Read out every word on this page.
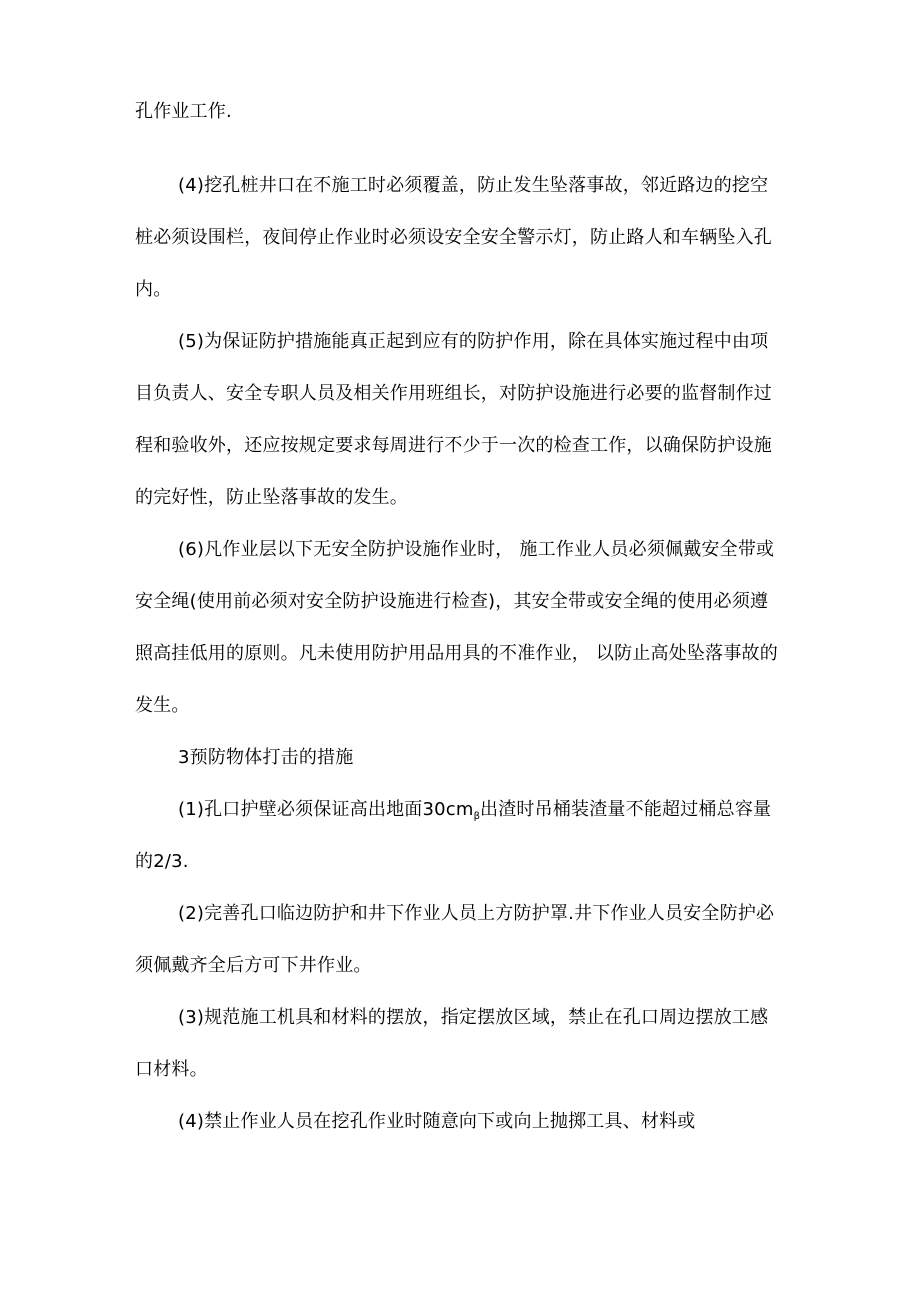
孔作业工作.
(4)挖孔桩井口在不施工时必须覆盖，防止发生坠落事故，邻近路边的挖空
桩必须设围栏，夜间停止作业时必须设安全安全警示灯，防止路人和车辆坠入孔
内。
(5)为保证防护措施能真正起到应有的防护作用，除在具体实施过程中由项
目负责人、安全专职人员及相关作用班组长，对防护设施进行必要的监督制作过
程和验收外，还应按规定要求每周进行不少于一次的检查工作，以确保防护设施
的完好性，防止坠落事故的发生。
(6)凡作业层以下无安全防护设施作业时， 施工作业人员必须佩戴安全带或
安全绳(使用前必须对安全防护设施进行检查)，其安全带或安全绳的使用必须遵
照高挂低用的原则。凡未使用防护用品用具的不准作业， 以防止高处坠落事故的
发生。
3预防物体打击的措施
(1)孔口护壁必须保证高出地面$30cm_\beta$出渣时吊桶装渣量不能超过桶总容量
的2/3.
(2)完善孔口临边防护和井下作业人员上方防护罩.井下作业人员安全防护必
须佩戴齐全后方可下井作业。
(3)规范施工机具和材料的摆放，指定摆放区域，禁止在孔口周边摆放工感
口材料。
(4)禁止作业人员在挖孔作业时随意向下或向上抛掷工具、材料或
